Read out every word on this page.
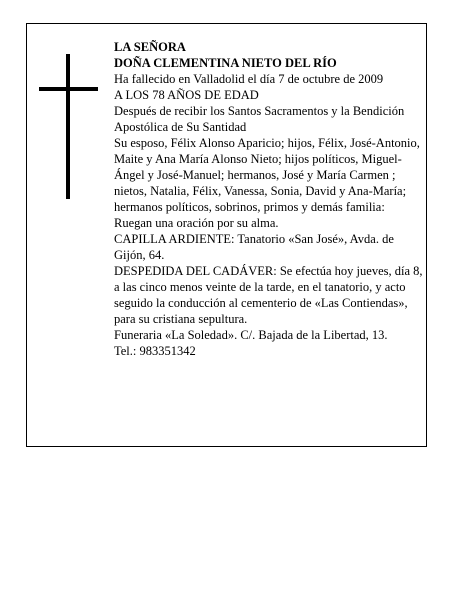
LA SEÑORA

DOÑA CLEMENTINA NIETO DEL RÍO

Ha fallecido en Valladolid el día 7 de octubre de 2009

A LOS 78 AÑOS DE EDAD

Después de recibir los Santos Sacramentos y la Bendición Apostólica de Su Santidad

Su esposo, Félix Alonso Aparicio; hijos, Félix, José-Antonio, Maite y Ana María Alonso Nieto; hijos políticos, Miguel-Ángel y José-Manuel; hermanos, José y María Carmen ; nietos, Natalia, Félix, Vanessa, Sonia, David y Ana-María; hermanos políticos, sobrinos, primos y demás familia:

Ruegan una oración por su alma.

CAPILLA ARDIENTE: Tanatorio «San José», Avda. de Gijón, 64.

DESPEDIDA DEL CADÁVER: Se efectúa hoy jueves, día 8, a las cinco menos veinte de la tarde, en el tanatorio, y acto seguido la conducción al cementerio de «Las Contiendas», para su cristiana sepultura.

Funeraria «La Soledad». C/. Bajada de la Libertad, 13.

Tel.: 983351342
